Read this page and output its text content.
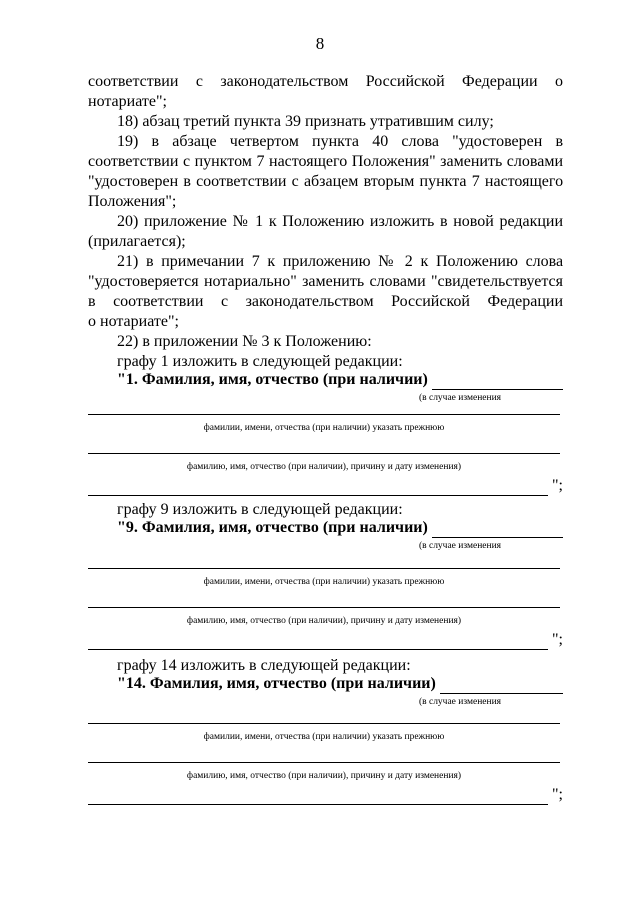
8
соответствии с законодательством Российской Федерации о
нотариате";
18) абзац третий пункта 39 признать утратившим силу;
19) в абзаце четвертом пункта 40 слова "удостоверен в
соответствии с пунктом 7 настоящего Положения" заменить словами
"удостоверен в соответствии с абзацем вторым пункта 7 настоящего
Положения";
20) приложение № 1 к Положению изложить в новой редакции
(прилагается);
21) в примечании 7 к приложению № 2 к Положению слова
"удостоверяется нотариально" заменить словами "свидетельствуется
в соответствии с законодательством Российской Федерации
о нотариате";
22) в приложении № 3 к Положению:
графу 1 изложить в следующей редакции:
"1. Фамилия, имя, отчество (при наличии)
(в случае изменения
фамилии, имени, отчества (при наличии) указать прежнюю
фамилию, имя, отчество (при наличии), причину и дату изменения)
";
графу 9 изложить в следующей редакции:
"9. Фамилия, имя, отчество (при наличии)
(в случае изменения
фамилии, имени, отчества (при наличии) указать прежнюю
фамилию, имя, отчество (при наличии), причину и дату изменения)
";
графу 14 изложить в следующей редакции:
"14. Фамилия, имя, отчество (при наличии)
(в случае изменения
фамилии, имени, отчества (при наличии) указать прежнюю
фамилию, имя, отчество (при наличии), причину и дату изменения)
";
